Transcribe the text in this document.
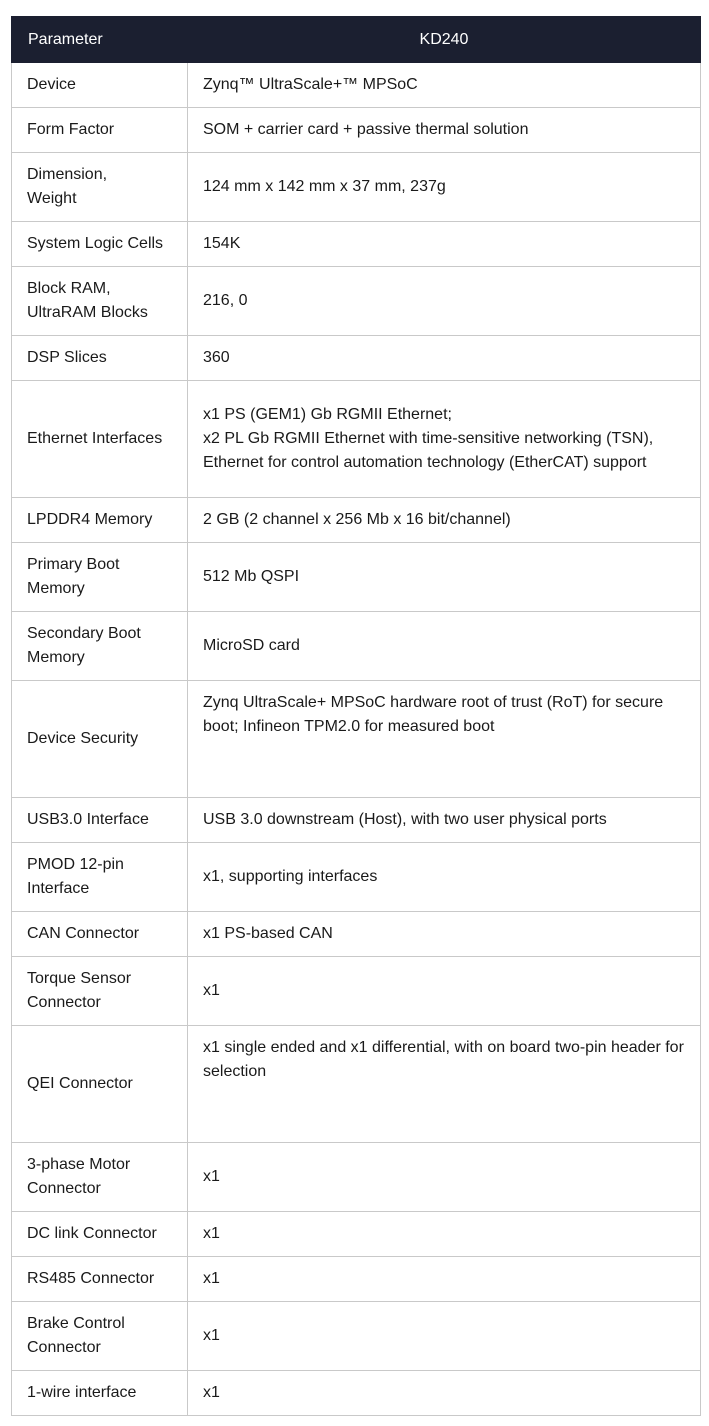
Parameter	KD240
Device	Zynq™ UltraScale+™ MPSoC
Form Factor	SOM + carrier card + passive thermal solution
Dimension,
Weight	124 mm x 142 mm x 37 mm, 237g
System Logic Cells	154K
Block RAM,
UltraRAM Blocks	216, 0
DSP Slices	360
Ethernet Interfaces	x1 PS (GEM1) Gb RGMII Ethernet;
x2 PL Gb RGMII Ethernet with time-sensitive networking (TSN), Ethernet for control automation technology (EtherCAT) support
LPDDR4 Memory	2 GB (2 channel x 256 Mb x 16 bit/channel)
Primary Boot
Memory	512 Mb QSPI
Secondary Boot
Memory	MicroSD card
Device Security	Zynq UltraScale+ MPSoC hardware root of trust (RoT) for secure boot; Infineon TPM2.0 for measured boot
USB3.0 Interface	USB 3.0 downstream (Host), with two user physical ports
PMOD 12-pin
Interface	x1, supporting interfaces
CAN Connector	x1 PS-based CAN
Torque Sensor
Connector	x1
QEI Connector	x1 single ended and x1 differential, with on board two-pin header for selection
3-phase Motor
Connector	x1
DC link Connector	x1
RS485 Connector	x1
Brake Control
Connector	x1
1-wire interface	x1
